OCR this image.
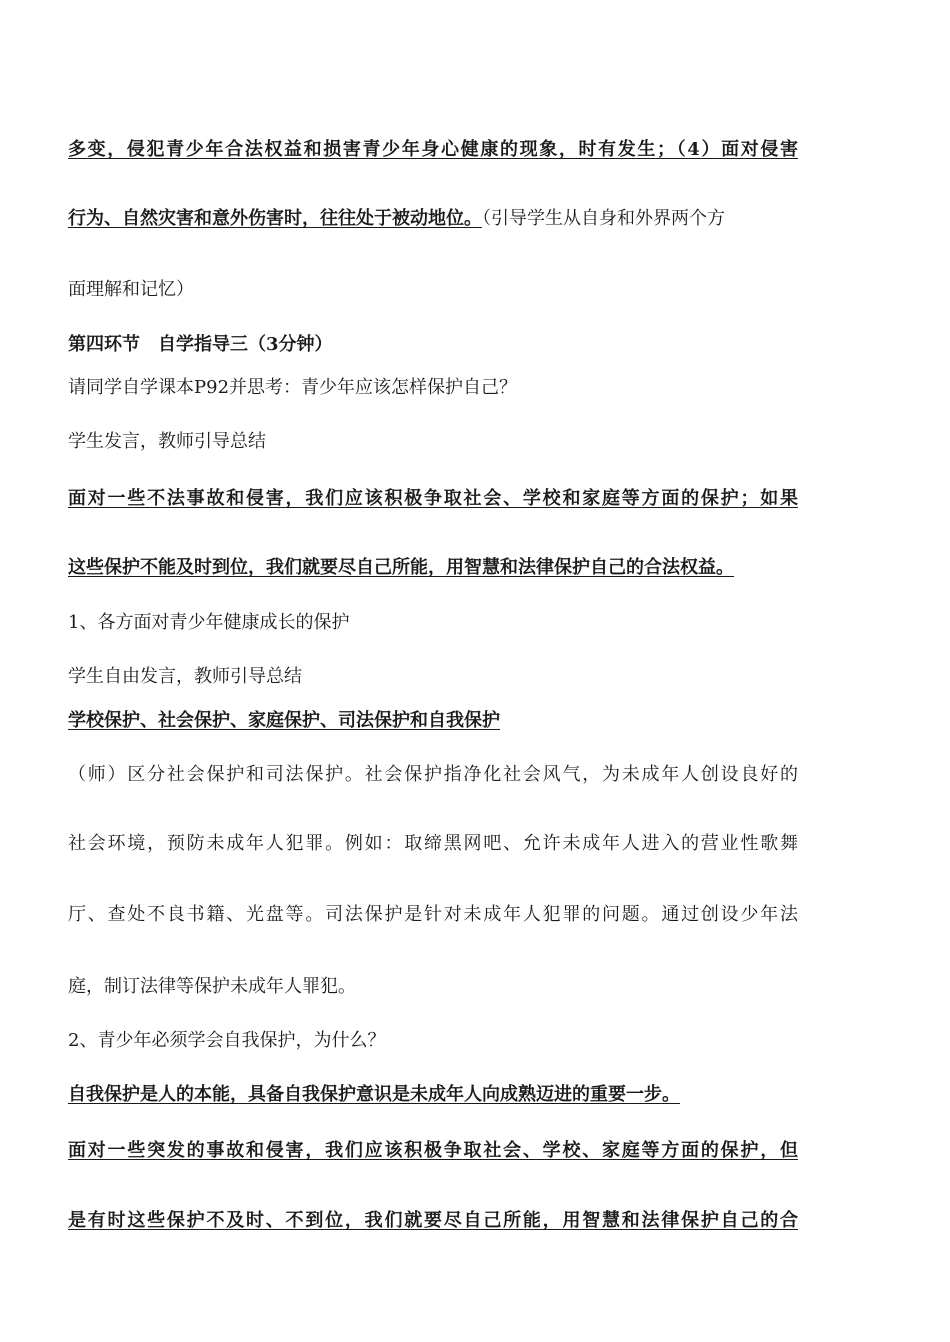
多变，侵犯青少年合法权益和损害青少年身心健康的现象，时有发生；（4）面对侵害
行为、自然灾害和意外伤害时，往往处于被动地位。（引导学生从自身和外界两个方
面理解和记忆）
第四环节　自学指导三（3分钟）
请同学自学课本P92并思考：青少年应该怎样保护自己？
学生发言，教师引导总结
面对一些不法事故和侵害，我们应该积极争取社会、学校和家庭等方面的保护；如果
这些保护不能及时到位，我们就要尽自己所能，用智慧和法律保护自己的合法权益。
1、各方面对青少年健康成长的保护
学生自由发言，教师引导总结
学校保护、社会保护、家庭保护、司法保护和自我保护
（师）区分社会保护和司法保护。社会保护指净化社会风气，为未成年人创设良好的
社会环境，预防未成年人犯罪。例如：取缔黑网吧、允许未成年人进入的营业性歌舞
厅、查处不良书籍、光盘等。司法保护是针对未成年人犯罪的问题。通过创设少年法
庭，制订法律等保护未成年人罪犯。
2、青少年必须学会自我保护，为什么？
自我保护是人的本能，具备自我保护意识是未成年人向成熟迈进的重要一步。
面对一些突发的事故和侵害，我们应该积极争取社会、学校、家庭等方面的保护，但
是有时这些保护不及时、不到位，我们就要尽自己所能，用智慧和法律保护自己的合
